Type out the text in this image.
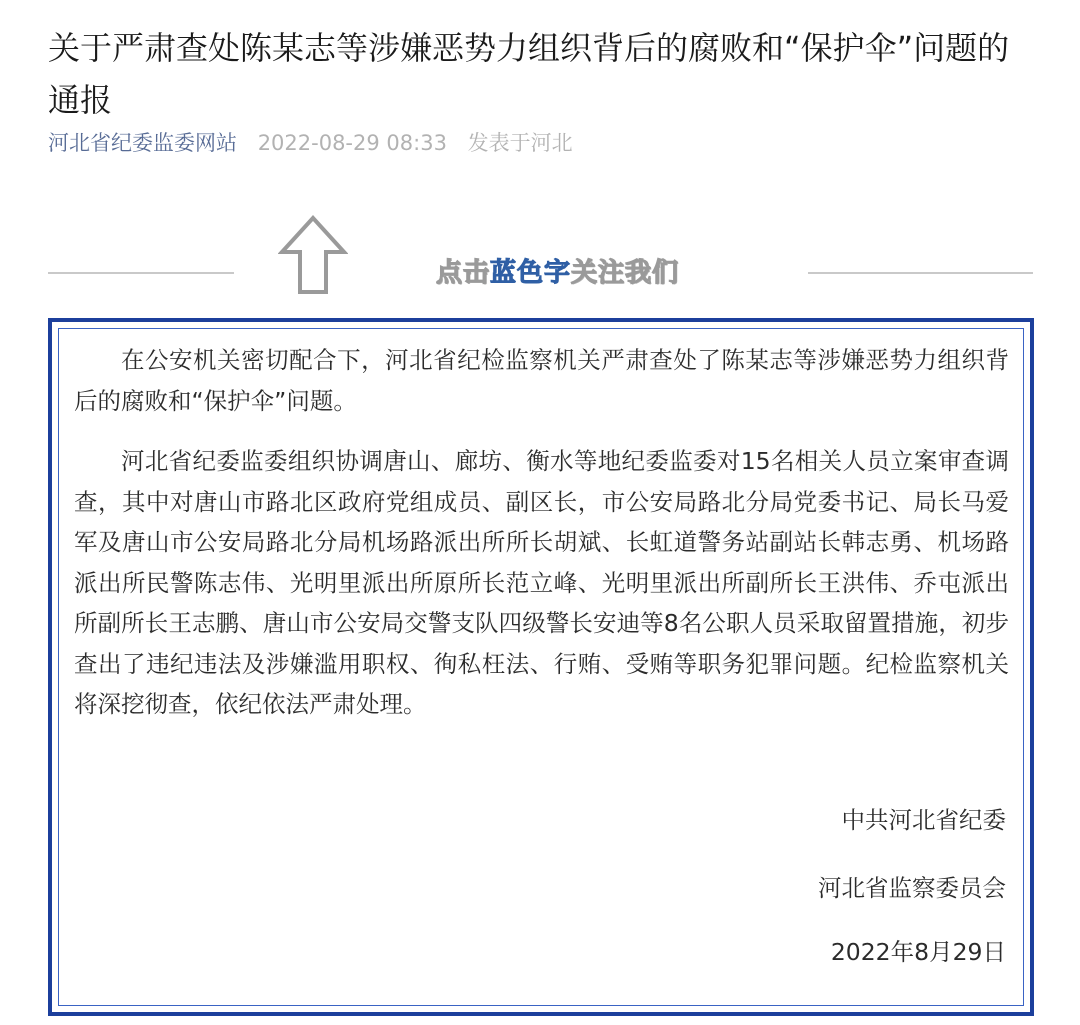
关于严肃查处陈某志等涉嫌恶势力组织背后的腐败和“保护伞”问题的通报
河北省纪委监委网站 2022-08-29 08:33 发表于河北
点击蓝色字关注我们

在公安机关密切配合下，河北省纪检监察机关严肃查处了陈某志等涉嫌恶势力组织背后的腐败和“保护伞”问题。

河北省纪委监委组织协调唐山、廊坊、衡水等地纪委监委对15名相关人员立案审查调查，其中对唐山市路北区政府党组成员、副区长，市公安局路北分局党委书记、局长马爱军及唐山市公安局路北分局机场路派出所所长胡斌、长虹道警务站副站长韩志勇、机场路派出所民警陈志伟、光明里派出所原所长范立峰、光明里派出所副所长王洪伟、乔屯派出所副所长王志鹏、唐山市公安局交警支队四级警长安迪等8名公职人员采取留置措施，初步查出了违纪违法及涉嫌滥用职权、徇私枉法、行贿、受贿等职务犯罪问题。纪检监察机关将深挖彻查，依纪依法严肃处理。

中共河北省纪委
河北省监察委员会
2022年8月29日
